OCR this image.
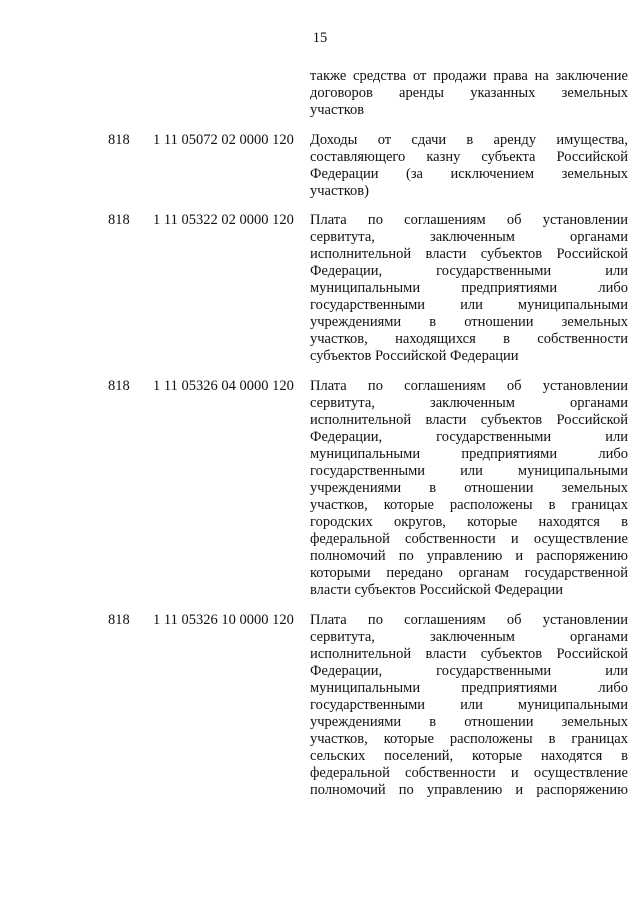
15
также средства от продажи права на заключение
договоров аренды указанных земельных
участков
818	1 11 05072 02 0000 120	Доходы от сдачи в аренду имущества,
составляющего казну субъекта Российской
Федерации (за исключением земельных
участков)
818	1 11 05322 02 0000 120	Плата по соглашениям об установлении
сервитута, заключенным органами
исполнительной власти субъектов Российской
Федерации, государственными или
муниципальными предприятиями либо
государственными или муниципальными
учреждениями в отношении земельных
участков, находящихся в собственности
субъектов Российской Федерации
818	1 11 05326 04 0000 120	Плата по соглашениям об установлении
сервитута, заключенным органами
исполнительной власти субъектов Российской
Федерации, государственными или
муниципальными предприятиями либо
государственными или муниципальными
учреждениями в отношении земельных
участков, которые расположены в границах
городских округов, которые находятся в
федеральной собственности и осуществление
полномочий по управлению и распоряжению
которыми передано органам государственной
власти субъектов Российской Федерации
818	1 11 05326 10 0000 120	Плата по соглашениям об установлении
сервитута, заключенным органами
исполнительной власти субъектов Российской
Федерации, государственными или
муниципальными предприятиями либо
государственными или муниципальными
учреждениями в отношении земельных
участков, которые расположены в границах
сельских поселений, которые находятся в
федеральной собственности и осуществление
полномочий по управлению и распоряжению
